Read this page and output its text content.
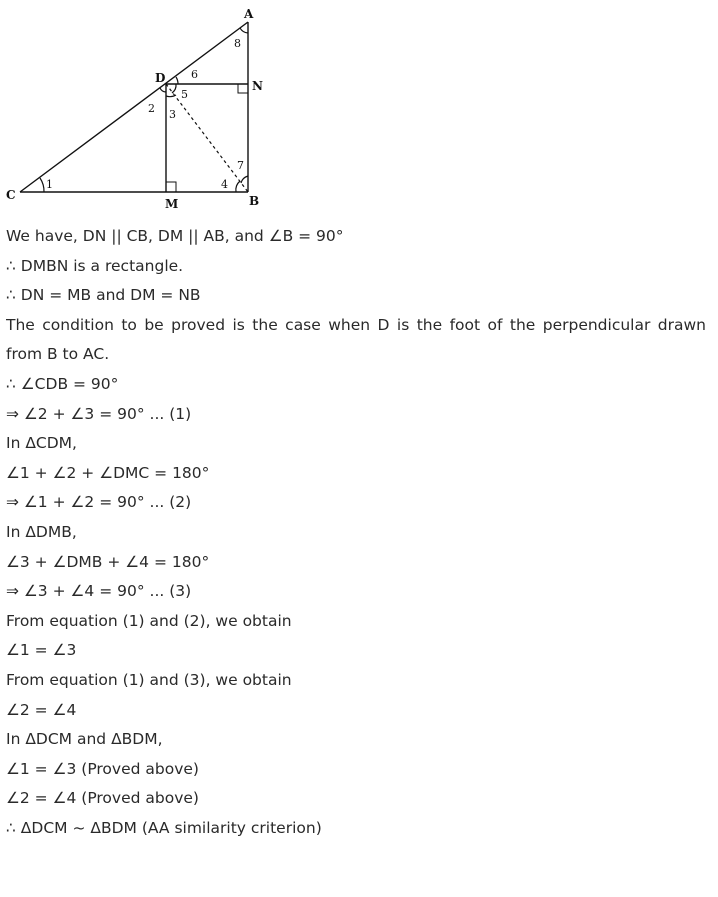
A
B
C
D
M
N
1
2 3
4
5
6
7
8
We have, DN || CB, DM || AB, and ∠B = 90°
∴ DMBN is a rectangle.
∴ DN = MB and DM = NB
The condition to be proved is the case when D is the foot of the perpendicular drawn
from B to AC.
∴ ∠CDB = 90°
⇒ ∠2 + ∠3 = 90° ... (1)
In ΔCDM,
∠1 + ∠2 + ∠DMC = 180°
⇒ ∠1 + ∠2 = 90° ... (2)
In ΔDMB,
∠3 + ∠DMB + ∠4 = 180°
⇒ ∠3 + ∠4 = 90° ... (3)
From equation (1) and (2), we obtain
∠1 = ∠3
From equation (1) and (3), we obtain
∠2 = ∠4
In ΔDCM and ΔBDM,
∠1 = ∠3 (Proved above)
∠2 = ∠4 (Proved above)
∴ ΔDCM ~ ΔBDM (AA similarity criterion)
